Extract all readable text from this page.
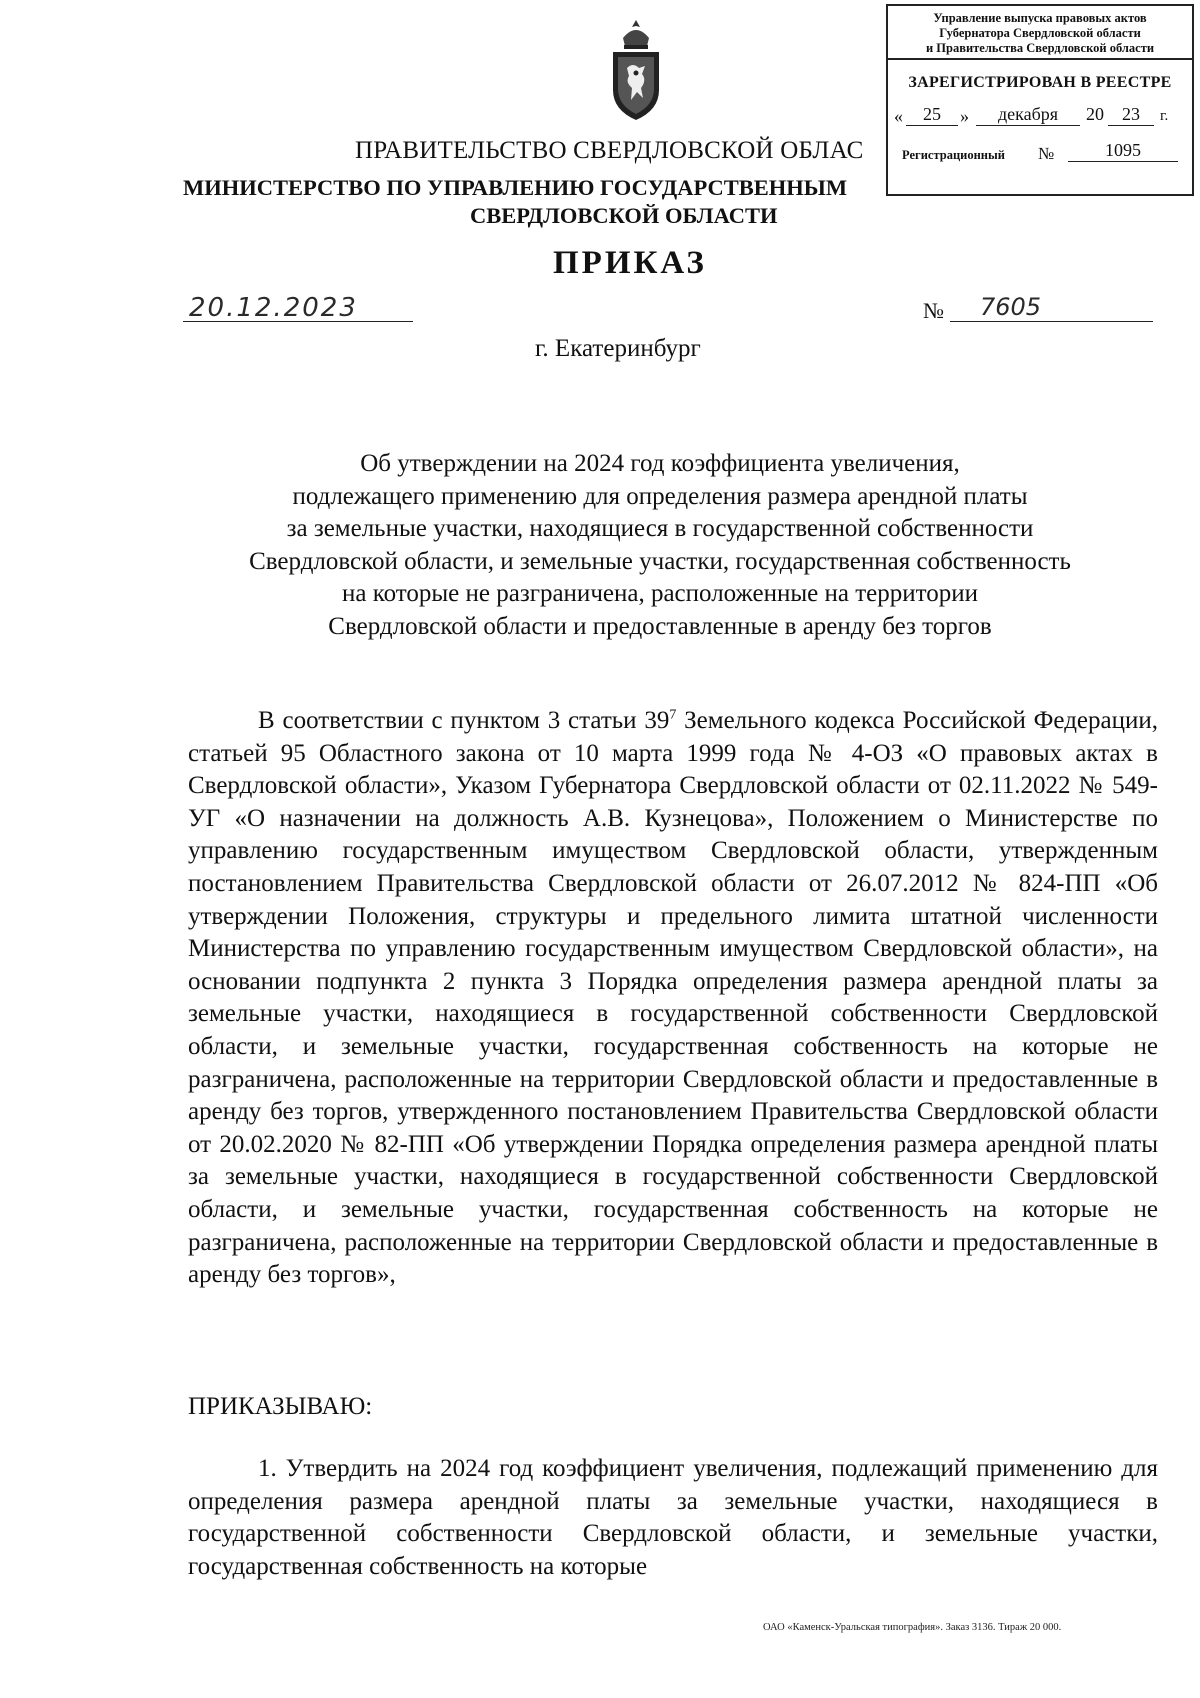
Управление выпуска правовых актов
Губернатора Свердловской области
и Правительства Свердловской области
ЗАРЕГИСТРИРОВАН В РЕЕСТРЕ
«	25	»	декабря	20	23	г.
Регистрационный №	1095
ПРАВИТЕЛЬСТВО СВЕРДЛОВСКОЙ ОБЛАС
МИНИСТЕРСТВО ПО УПРАВЛЕНИЮ ГОСУДАРСТВЕННЫМ
СВЕРДЛОВСКОЙ ОБЛАСТИ
ПРИКАЗ
20.12.2023	№	7605
г. Екатеринбург
Об утверждении на 2024 год коэффициента увеличения,
подлежащего применению для определения размера арендной платы
за земельные участки, находящиеся в государственной собственности
Свердловской области, и земельные участки, государственная собственность
на которые не разграничена, расположенные на территории
Свердловской области и предоставленные в аренду без торгов

В соответствии с пунктом 3 статьи $39^7$ Земельного кодекса Российской Федерации, статьей 95 Областного закона от 10 марта 1999 года № 4-ОЗ «О правовых актах в Свердловской области», Указом Губернатора Свердловской области от 02.11.2022 № 549-УГ «О назначении на должность А.В. Кузнецова», Положением о Министерстве по управлению государственным имуществом Свердловской области, утвержденным постановлением Правительства Свердловской области от 26.07.2012 № 824-ПП «Об утверждении Положения, структуры и предельного лимита штатной численности Министерства по управлению государственным имуществом Свердловской области», на основании подпункта 2 пункта 3 Порядка определения размера арендной платы за земельные участки, находящиеся в государственной собственности Свердловской области, и земельные участки, государственная собственность на которые не разграничена, расположенные на территории Свердловской области и предоставленные в аренду без торгов, утвержденного постановлением Правительства Свердловской области от 20.02.2020 № 82-ПП «Об утверждении Порядка определения размера арендной платы за земельные участки, находящиеся в государственной собственности Свердловской области, и земельные участки, государственная собственность на которые не разграничена, расположенные на территории Свердловской области и предоставленные в аренду без торгов»,

ПРИКАЗЫВАЮ:

1. Утвердить на 2024 год коэффициент увеличения, подлежащий применению для определения размера арендной платы за земельные участки, находящиеся в государственной собственности Свердловской области, и земельные участки, государственная собственность на которые

ОАО «Каменск-Уральская типография». Заказ 3136. Тираж 20 000.
